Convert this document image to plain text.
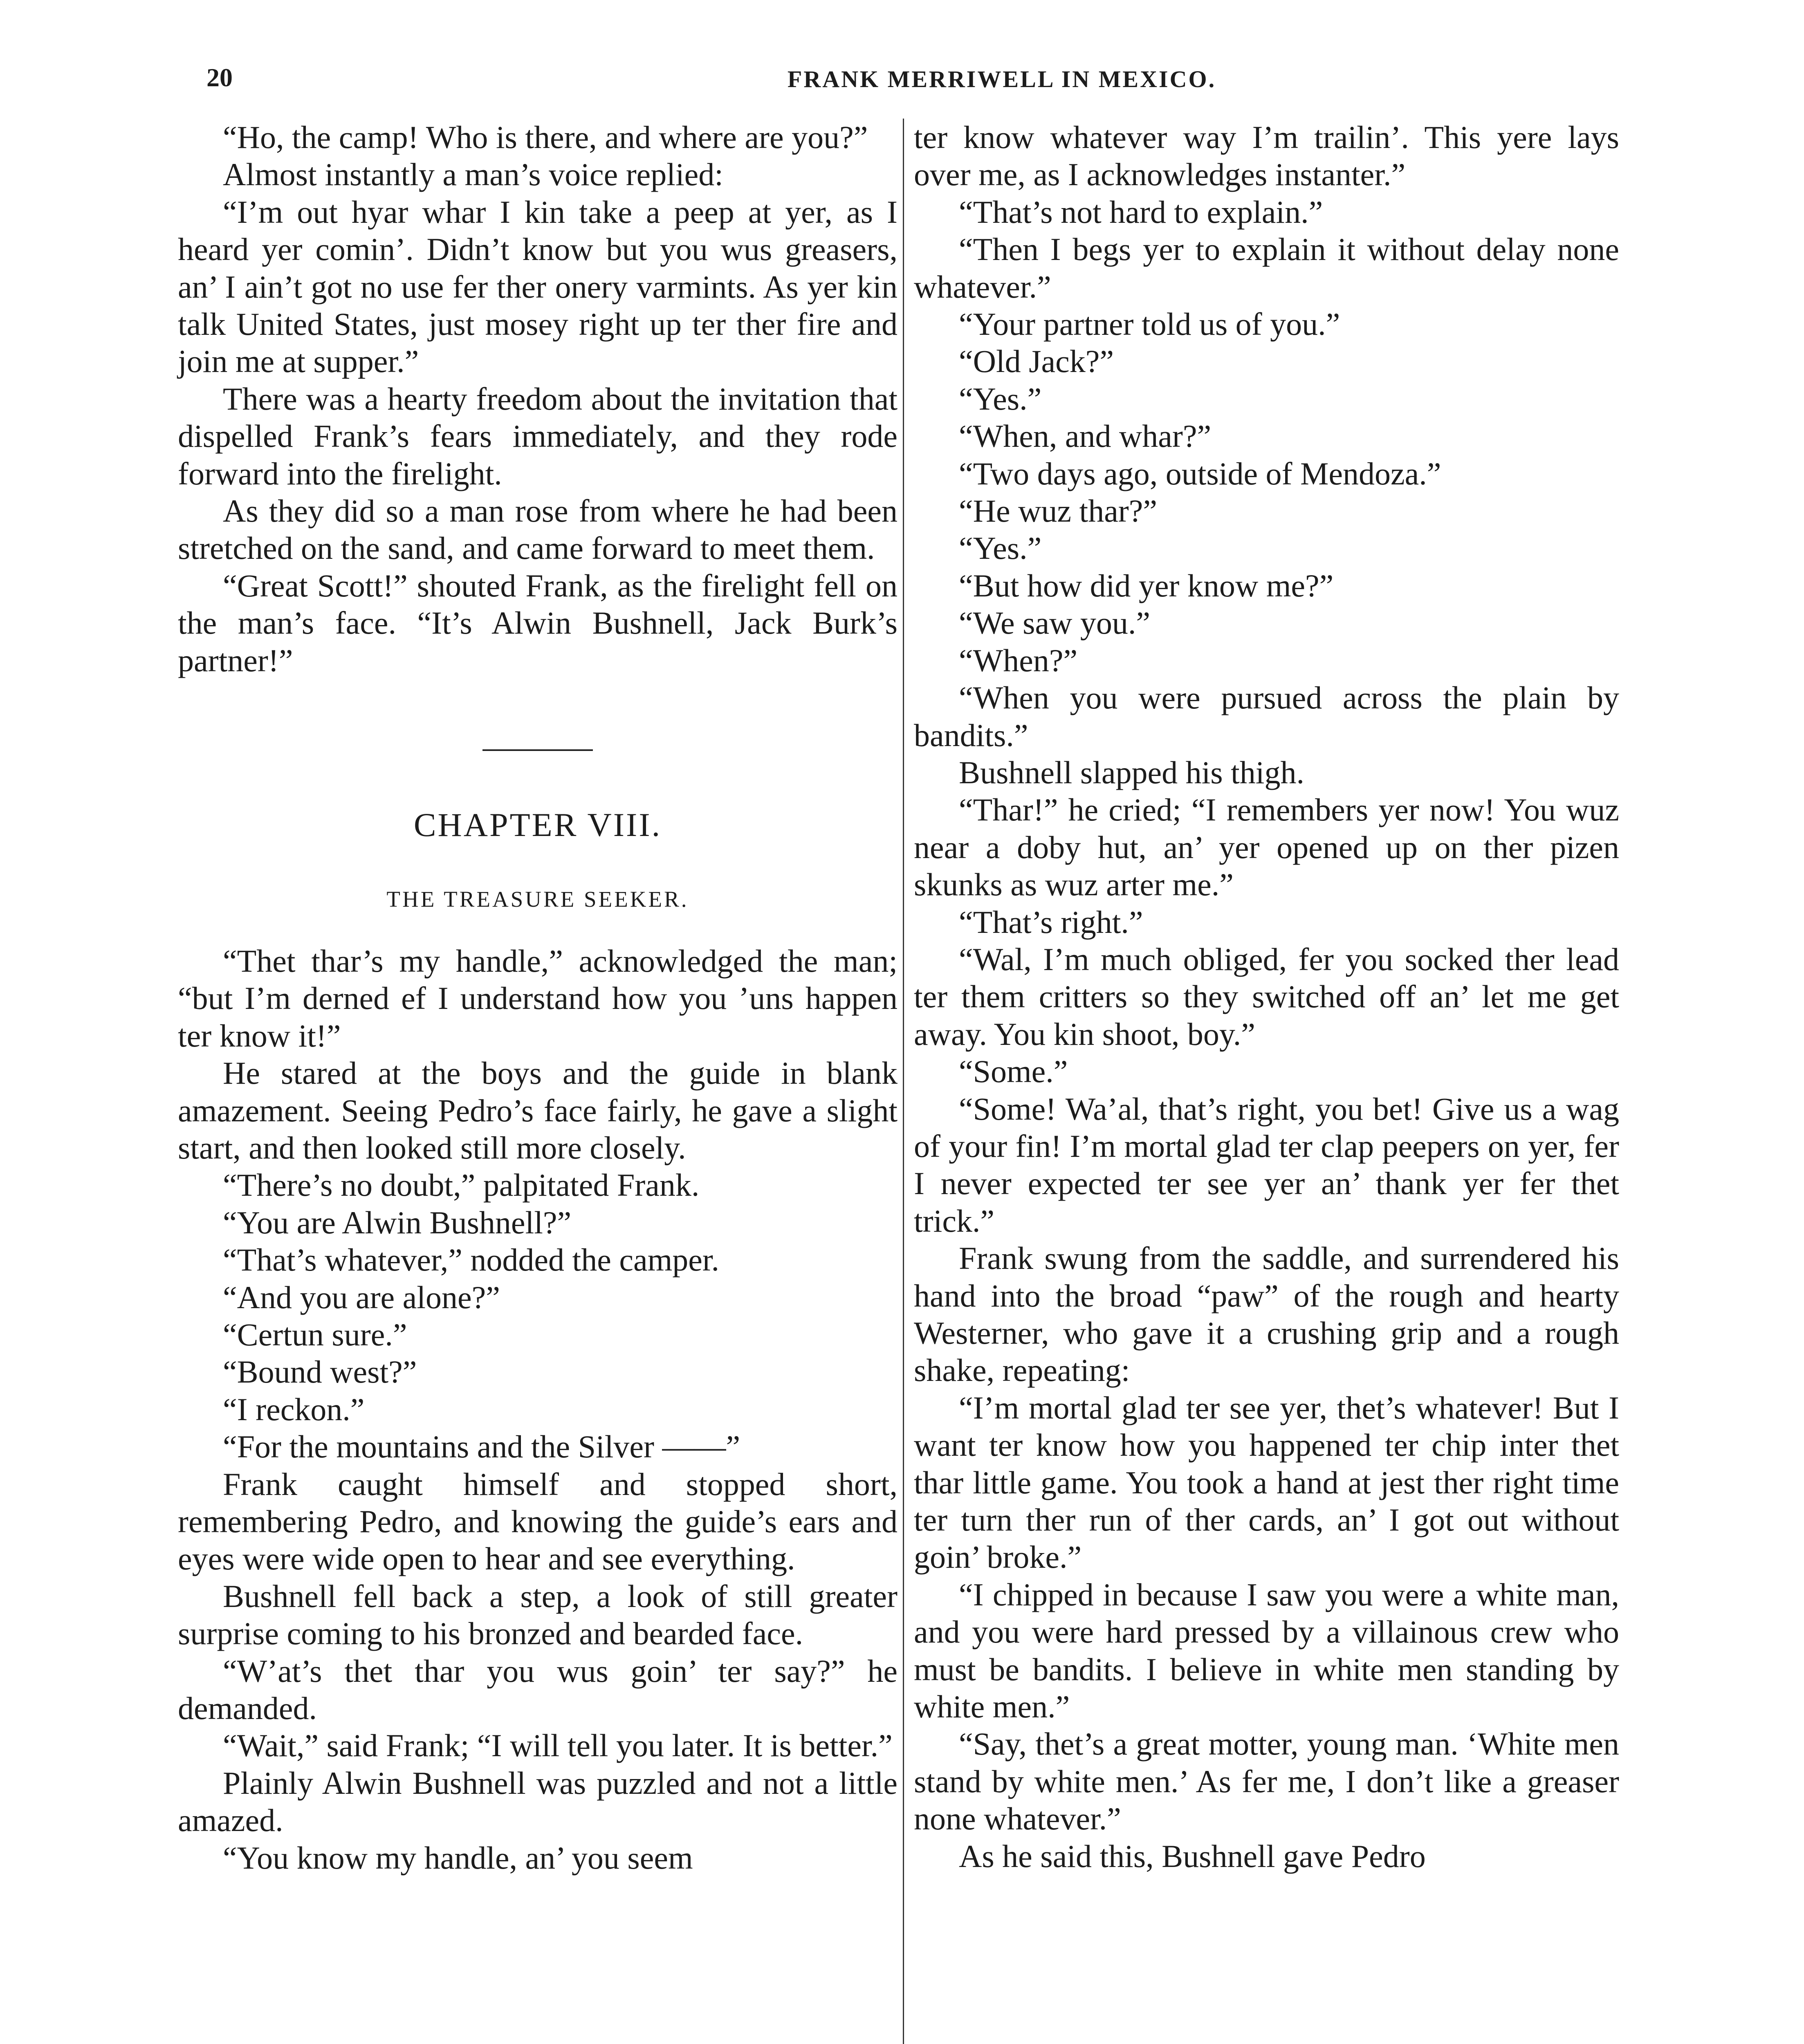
20	FRANK MERRIWELL IN MEXICO.

“Ho, the camp! Who is there, and where are you?”

Almost instantly a man’s voice replied:

“I’m out hyar whar I kin take a peep at yer, as I heard yer comin’. Didn’t know but you wus greasers, an’ I ain’t got no use fer ther onery varmints. As yer kin talk United States, just mosey right up ter ther fire and join me at supper.”

There was a hearty freedom about the invitation that dispelled Frank’s fears immediately, and they rode forward into the firelight.

As they did so a man rose from where he had been stretched on the sand, and came forward to meet them.

“Great Scott!” shouted Frank, as the firelight fell on the man’s face. “It’s Alwin Bushnell, Jack Burk’s partner!”

CHAPTER VIII.
THE TREASURE SEEKER.

“Thet thar’s my handle,” acknowledged the man; “but I’m derned ef I understand how you ’uns happen ter know it!”

He stared at the boys and the guide in blank amazement. Seeing Pedro’s face fairly, he gave a slight start, and then looked still more closely.

“There’s no doubt,” palpitated Frank.

“You are Alwin Bushnell?”

“That’s whatever,” nodded the camper.

“And you are alone?”

“Certun sure.”

“Bound west?”

“I reckon.”

“For the mountains and the Silver ——”

Frank caught himself and stopped short, remembering Pedro, and knowing the guide’s ears and eyes were wide open to hear and see everything.

Bushnell fell back a step, a look of still greater surprise coming to his bronzed and bearded face.

“W’at’s thet thar you wus goin’ ter say?” he demanded.

“Wait,” said Frank; “I will tell you later. It is better.”

Plainly Alwin Bushnell was puzzled and not a little amazed.

“You know my handle, an’ you seem

ter know whatever way I’m trailin’. This yere lays over me, as I acknowledges instanter.”

“That’s not hard to explain.”

“Then I begs yer to explain it without delay none whatever.”

“Your partner told us of you.”

“Old Jack?”

“Yes.”

“When, and whar?”

“Two days ago, outside of Mendoza.”

“He wuz thar?”

“Yes.”

“But how did yer know me?”

“We saw you.”

“When?”

“When you were pursued across the plain by bandits.”

Bushnell slapped his thigh.

“Thar!” he cried; “I remembers yer now! You wuz near a doby hut, an’ yer opened up on ther pizen skunks as wuz arter me.”

“That’s right.”

“Wal, I’m much obliged, fer you socked ther lead ter them critters so they switched off an’ let me get away. You kin shoot, boy.”

“Some.”

“Some! Wa’al, that’s right, you bet! Give us a wag of your fin! I’m mortal glad ter clap peepers on yer, fer I never expected ter see yer an’ thank yer fer thet trick.”

Frank swung from the saddle, and surrendered his hand into the broad “paw” of the rough and hearty Westerner, who gave it a crushing grip and a rough shake, repeating:

“I’m mortal glad ter see yer, thet’s whatever! But I want ter know how you happened ter chip inter thet thar little game. You took a hand at jest ther right time ter turn ther run of ther cards, an’ I got out without goin’ broke.”

“I chipped in because I saw you were a white man, and you were hard pressed by a villainous crew who must be bandits. I believe in white men standing by white men.”

“Say, thet’s a great motter, young man. ‘White men stand by white men.’ As fer me, I don’t like a greaser none whatever.”

As he said this, Bushnell gave Pedro
